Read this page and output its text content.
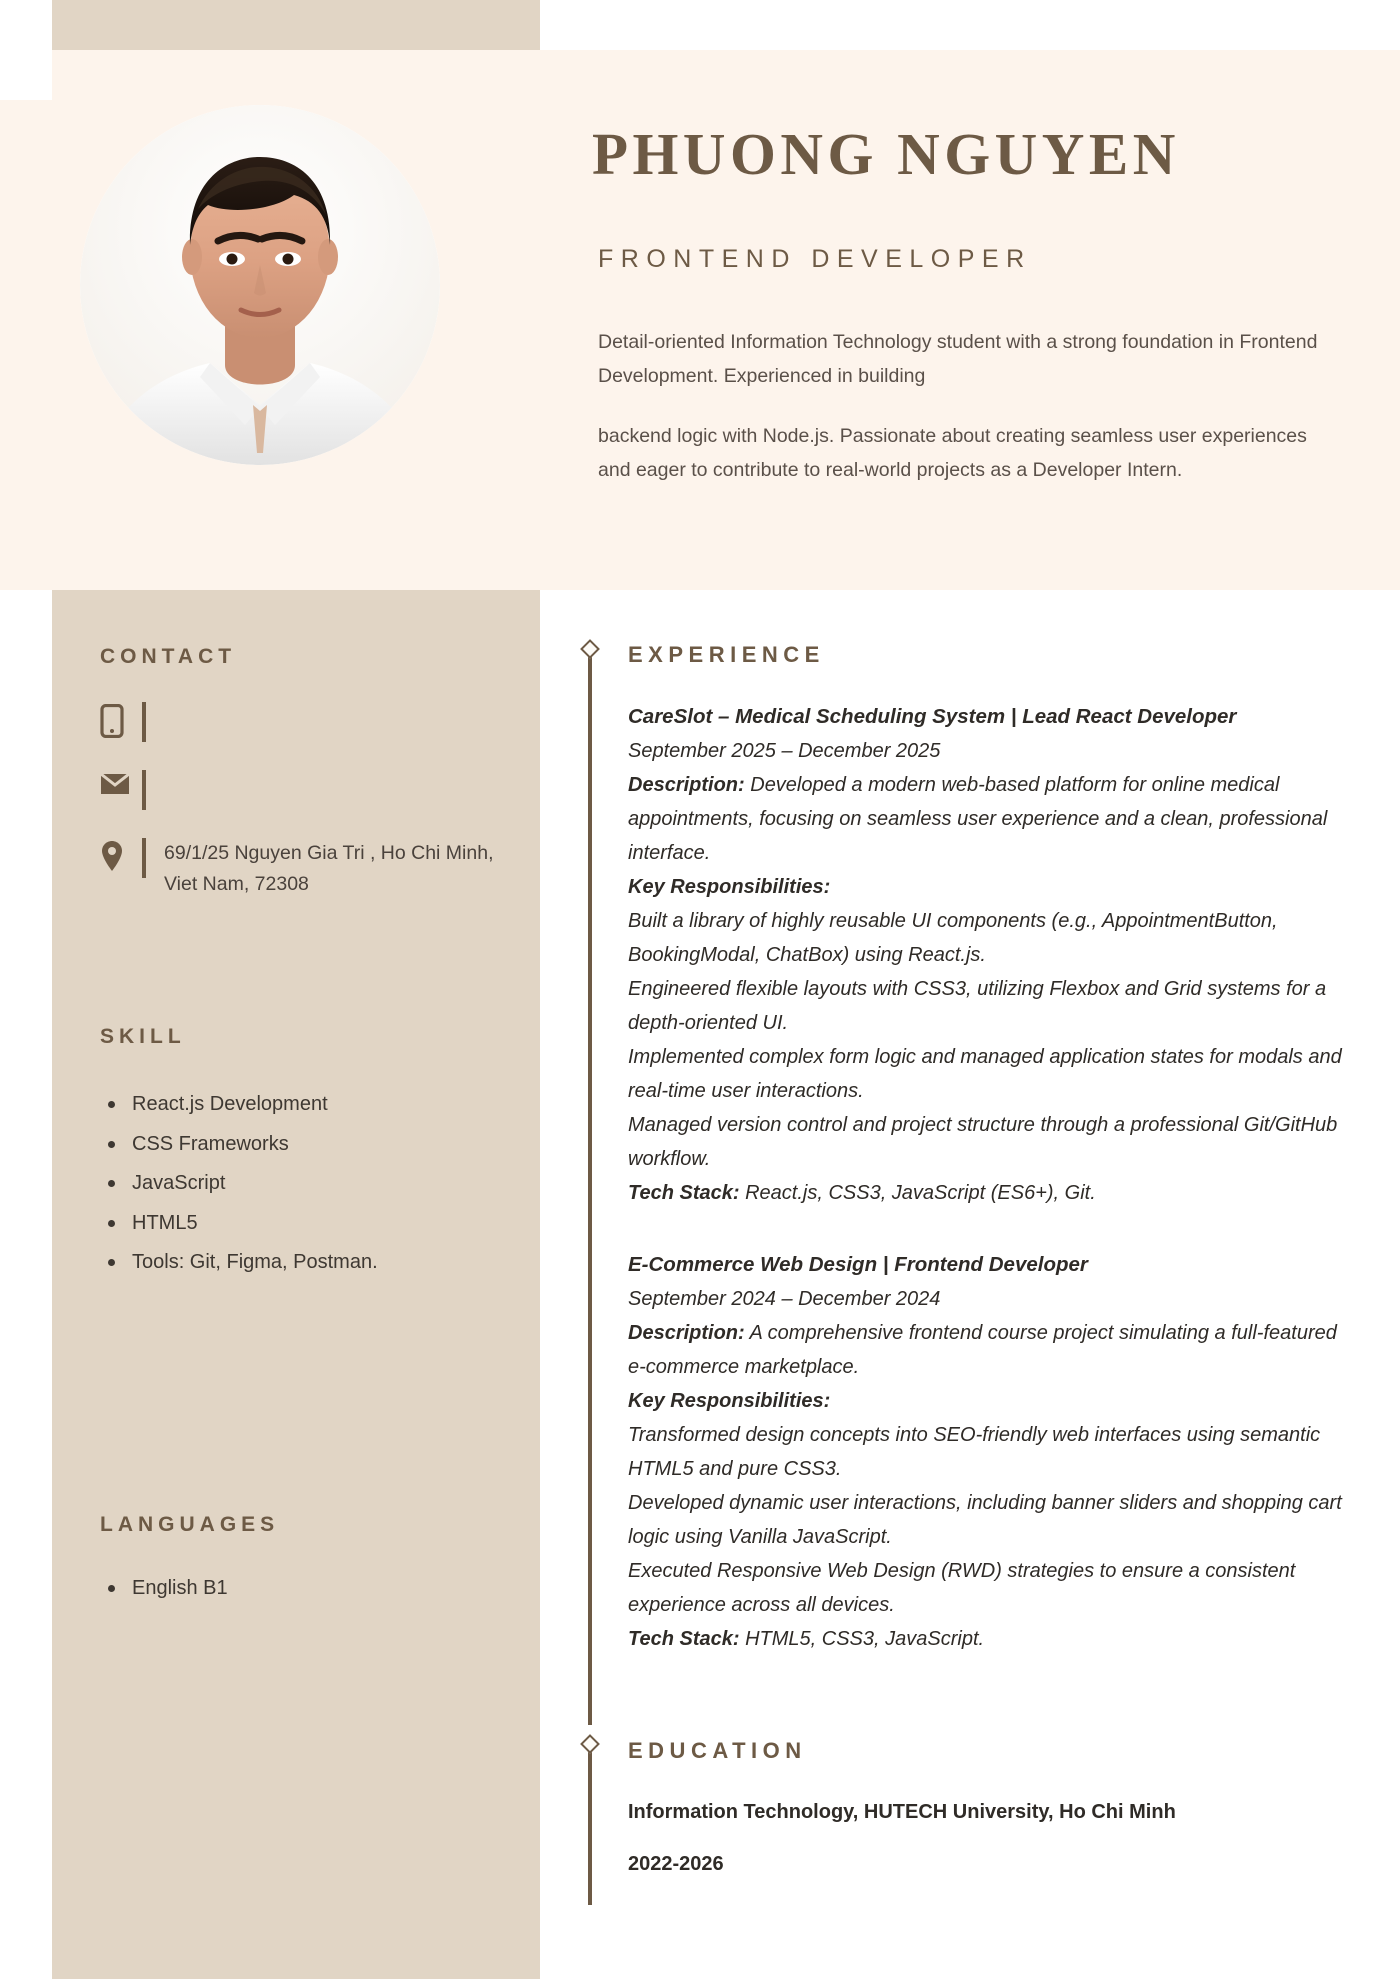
PHUONG NGUYEN
FRONTEND DEVELOPER

Detail-oriented Information Technology student with a strong foundation in Frontend Development. Experienced in building

backend logic with Node.js. Passionate about creating seamless user experiences and eager to contribute to real-world projects as a Developer Intern.

CONTACT
69/1/25 Nguyen Gia Tri , Ho Chi Minh, Viet Nam, 72308
SKILL
React.js Development
CSS Frameworks
JavaScript
HTML5
Tools: Git, Figma, Postman.
LANGUAGES
English B1
EXPERIENCE
CareSlot – Medical Scheduling System | Lead React Developer
September 2025 – December 2025
Description: Developed a modern web-based platform for online medical appointments, focusing on seamless user experience and a clean, professional interface.
Key Responsibilities:
Built a library of highly reusable UI components (e.g., AppointmentButton, BookingModal, ChatBox) using React.js.
Engineered flexible layouts with CSS3, utilizing Flexbox and Grid systems for a depth-oriented UI.
Implemented complex form logic and managed application states for modals and real-time user interactions.
Managed version control and project structure through a professional Git/GitHub workflow.
Tech Stack: React.js, CSS3, JavaScript (ES6+), Git.
E-Commerce Web Design | Frontend Developer
September 2024 – December 2024
Description: A comprehensive frontend course project simulating a full-featured e-commerce marketplace.
Key Responsibilities:
Transformed design concepts into SEO-friendly web interfaces using semantic HTML5 and pure CSS3.
Developed dynamic user interactions, including banner sliders and shopping cart logic using Vanilla JavaScript.
Executed Responsive Web Design (RWD) strategies to ensure a consistent experience across all devices.
Tech Stack: HTML5, CSS3, JavaScript.
EDUCATION
Information Technology, HUTECH University, Ho Chi Minh
2022-2026
